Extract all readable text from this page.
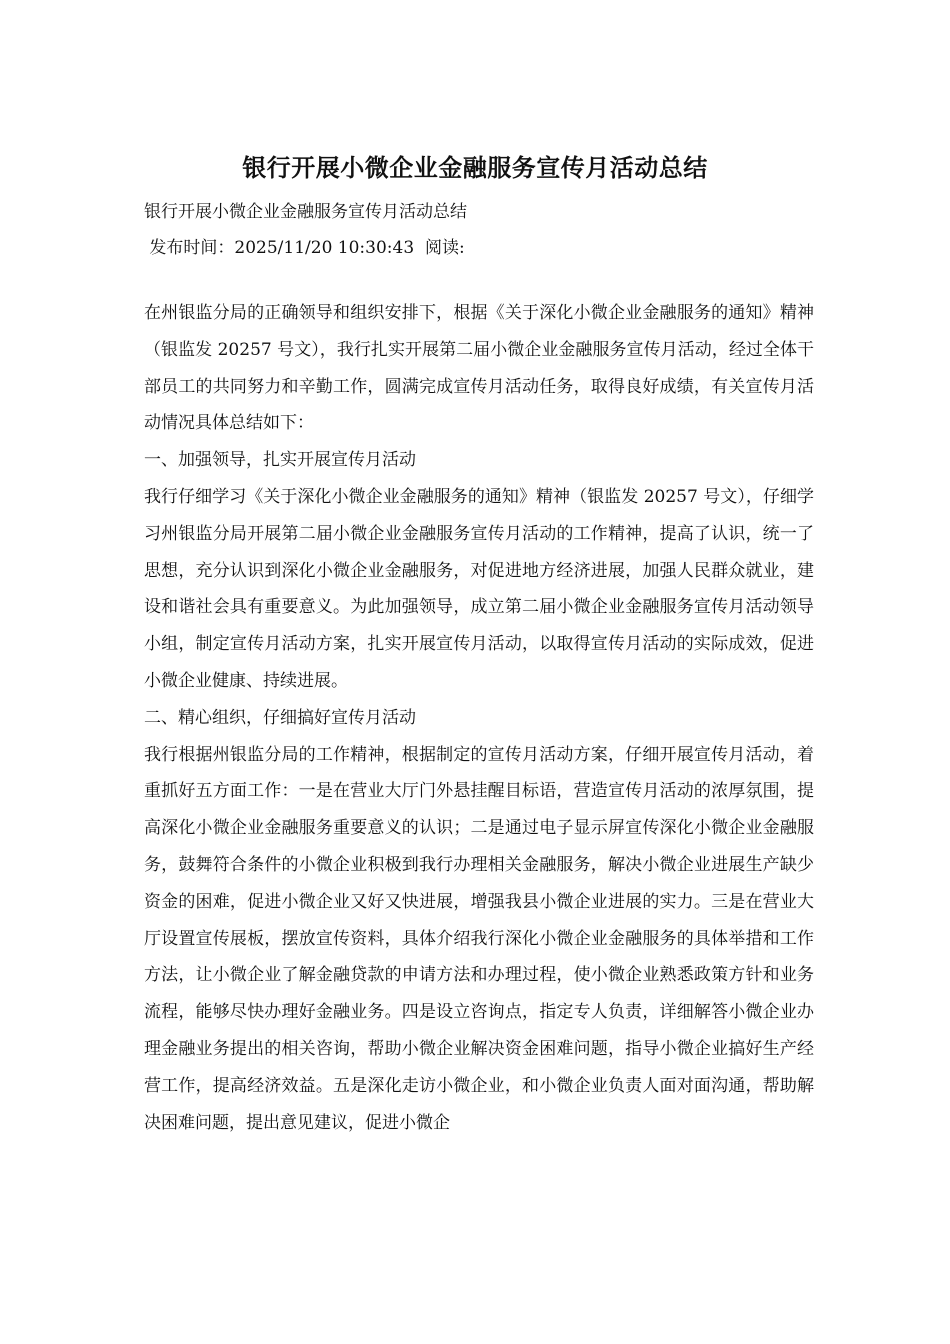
银行开展小微企业金融服务宣传月活动总结
银行开展小微企业金融服务宣传月活动总结
发布时间：2025/11/20 10:30:43  阅读:

在州银监分局的正确领导和组织安排下，根据《关于深化小微企业金融服务的通知》精神（银监发 20257 号文），我行扎实开展第二届小微企业金融服务宣传月活动，经过全体干部员工的共同努力和辛勤工作，圆满完成宣传月活动任务，取得良好成绩，有关宣传月活动情况具体总结如下：

一、加强领导，扎实开展宣传月活动

我行仔细学习《关于深化小微企业金融服务的通知》精神（银监发 20257 号文），仔细学习州银监分局开展第二届小微企业金融服务宣传月活动的工作精神，提高了认识，统一了思想，充分认识到深化小微企业金融服务，对促进地方经济进展，加强人民群众就业，建设和谐社会具有重要意义。为此加强领导，成立第二届小微企业金融服务宣传月活动领导小组，制定宣传月活动方案，扎实开展宣传月活动，以取得宣传月活动的实际成效，促进小微企业健康、持续进展。

二、精心组织，仔细搞好宣传月活动

我行根据州银监分局的工作精神，根据制定的宣传月活动方案，仔细开展宣传月活动，着重抓好五方面工作：一是在营业大厅门外悬挂醒目标语，营造宣传月活动的浓厚氛围，提高深化小微企业金融服务重要意义的认识；二是通过电子显示屏宣传深化小微企业金融服务，鼓舞符合条件的小微企业积极到我行办理相关金融服务，解决小微企业进展生产缺少资金的困难，促进小微企业又好又快进展，增强我县小微企业进展的实力。三是在营业大厅设置宣传展板，摆放宣传资料，具体介绍我行深化小微企业金融服务的具体举措和工作方法，让小微企业了解金融贷款的申请方法和办理过程，使小微企业熟悉政策方针和业务流程，能够尽快办理好金融业务。四是设立咨询点，指定专人负责，详细解答小微企业办理金融业务提出的相关咨询，帮助小微企业解决资金困难问题，指导小微企业搞好生产经营工作，提高经济效益。五是深化走访小微企业，和小微企业负责人面对面沟通，帮助解决困难问题，提出意见建议，促进小微企
